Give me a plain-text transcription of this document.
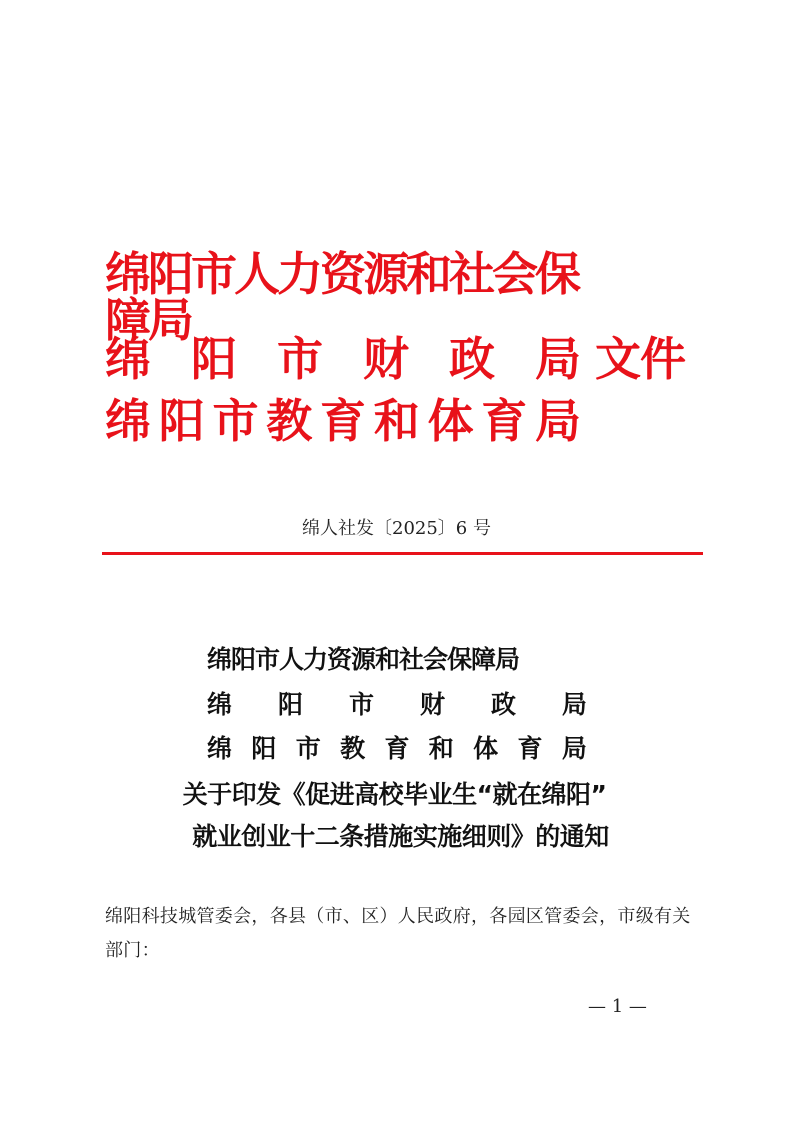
绵阳市人力资源和社会保障局
绵 阳 市 财 政 局
绵 阳 市 教 育 和 体 育 局
文件
绵人社发〔2025〕6 号
绵阳市人力资源和社会保障局
绵 阳 市 财 政 局
绵 阳 市 教 育 和 体 育 局
关于印发《促进高校毕业生“就在绵阳”
就业创业十二条措施实施细则》的通知
绵阳科技城管委会，各县（市、区）人民政府，各园区管委会，市级有关部门：
— 1 —
